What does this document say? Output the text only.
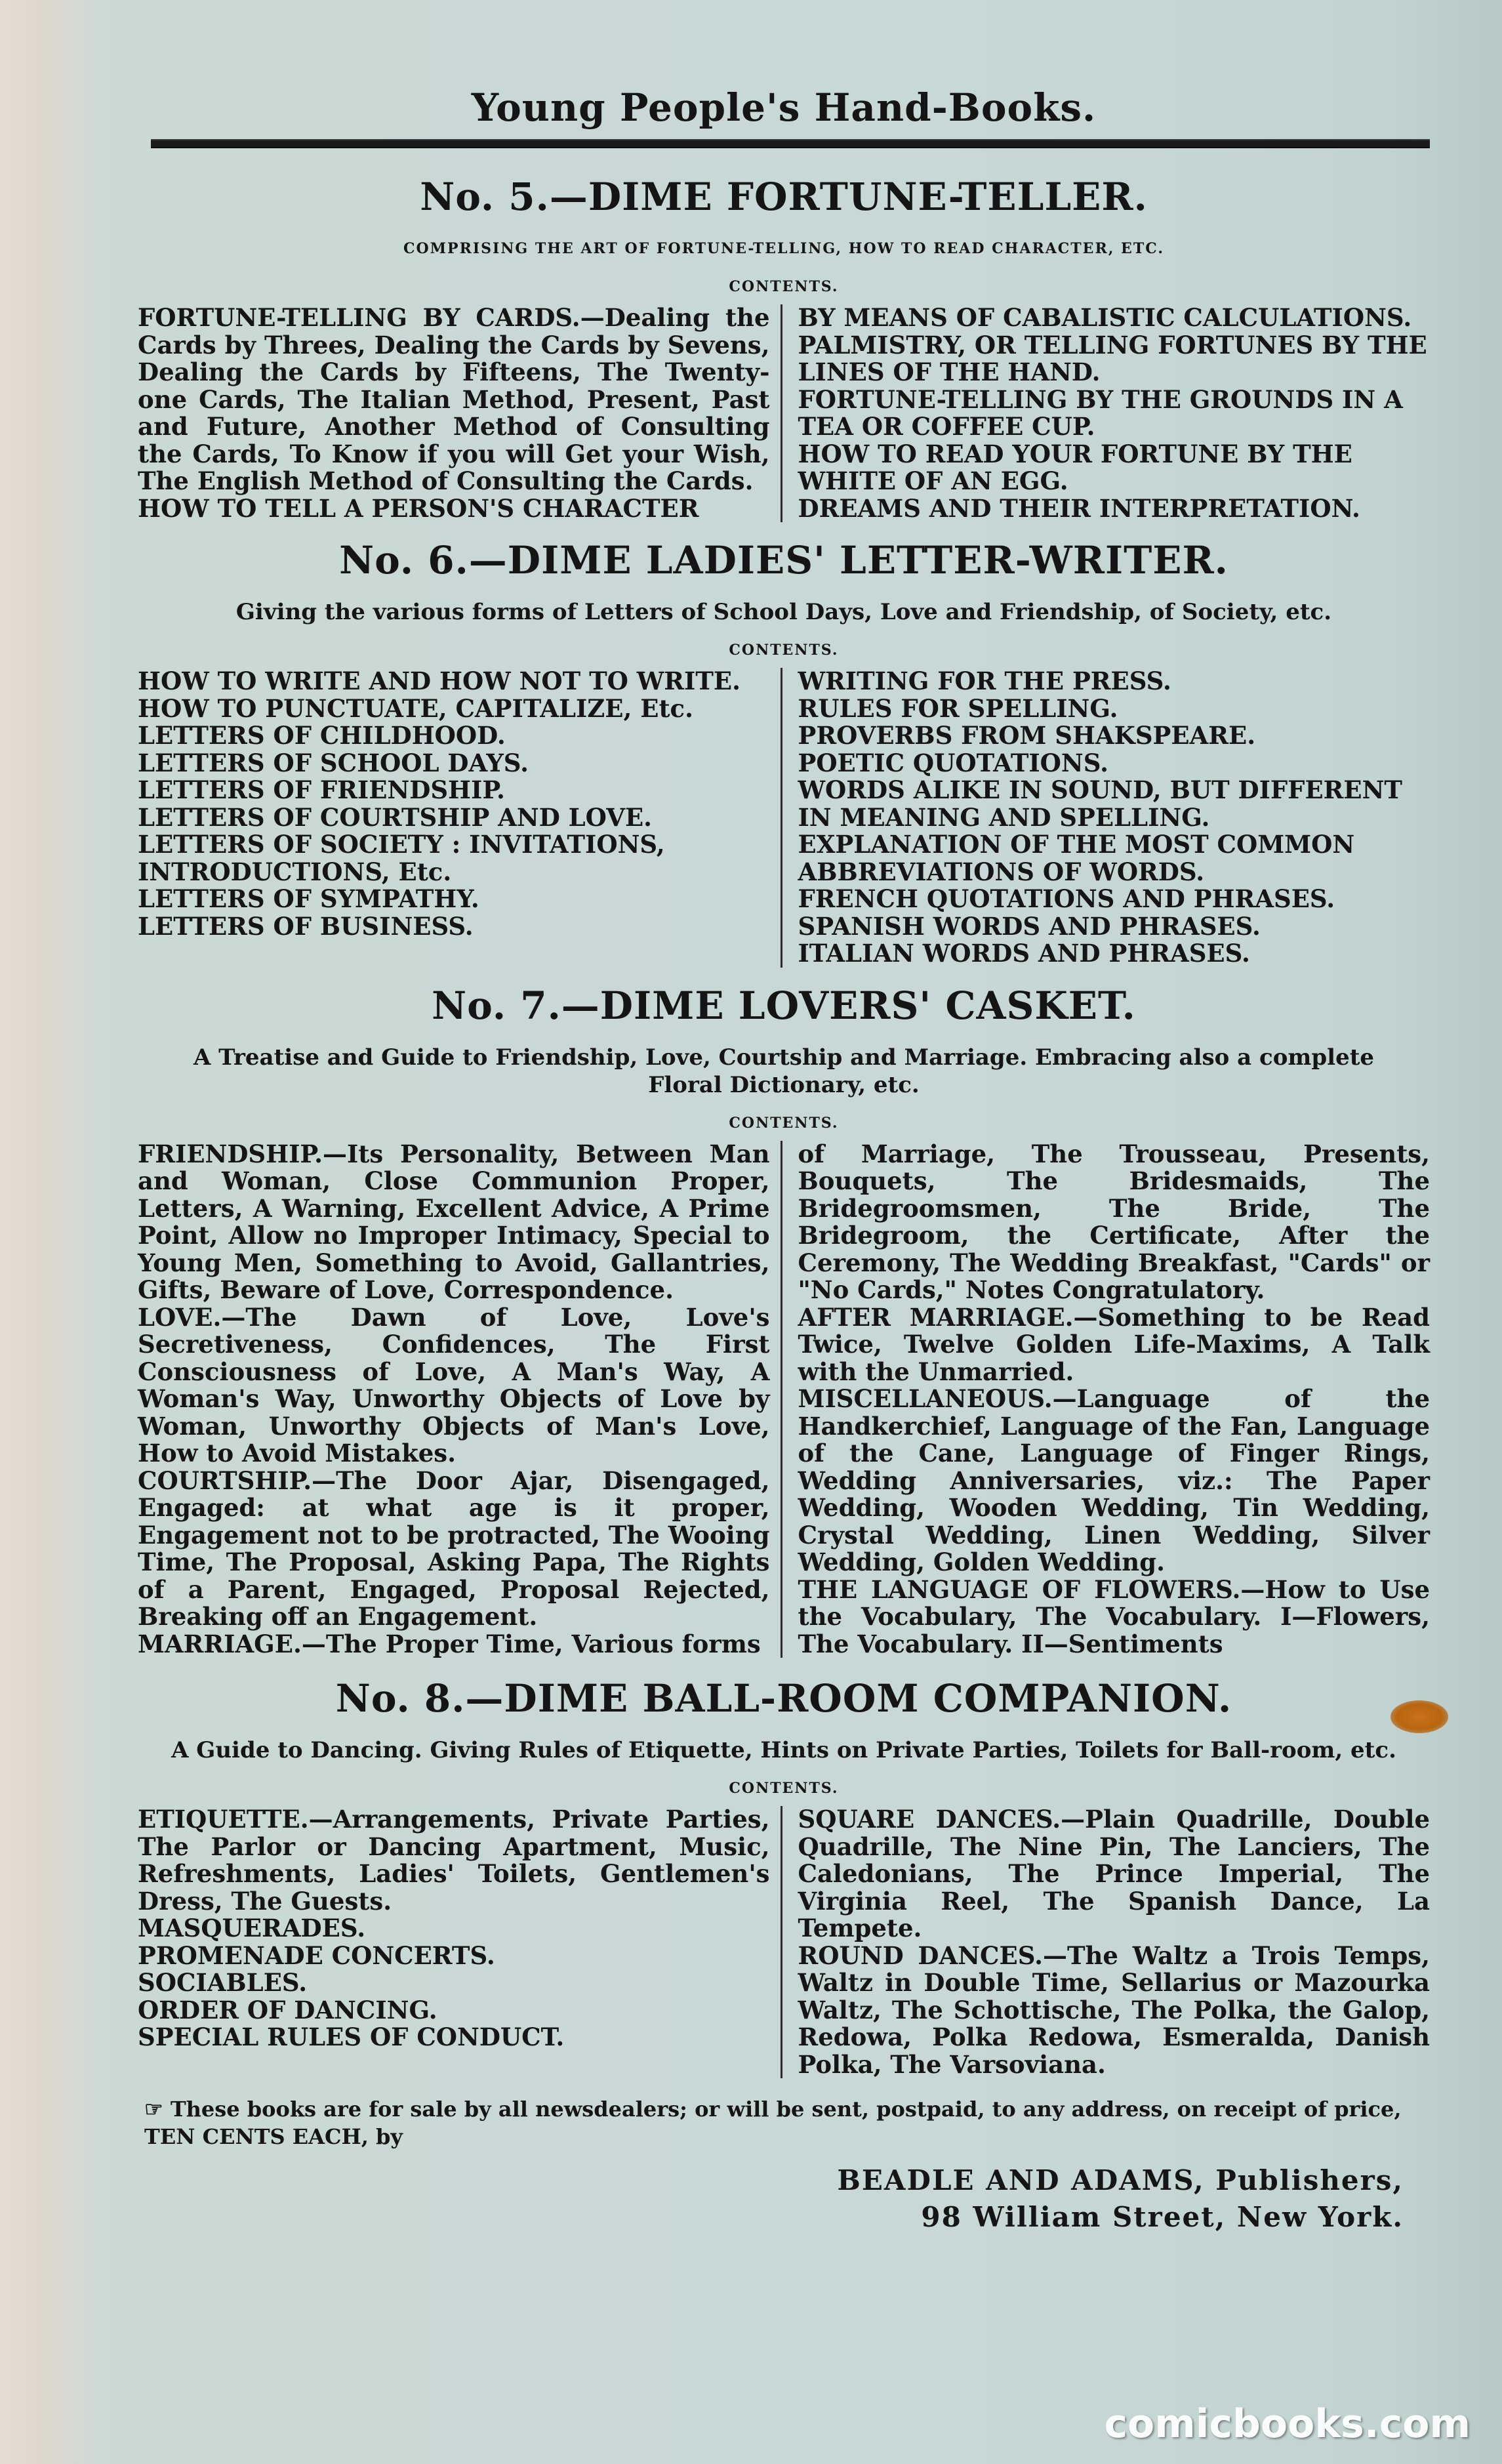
Young People's Hand-Books.
No. 5.—DIME FORTUNE-TELLER.
COMPRISING THE ART OF FORTUNE-TELLING, HOW TO READ CHARACTER, ETC.
CONTENTS.

FORTUNE-TELLING BY CARDS.—Dealing the Cards by Threes, Dealing the Cards by Sevens, Dealing the Cards by Fifteens, The Twenty-one Cards, The Italian Method, Present, Past and Future, Another Method of Consulting the Cards, To Know if you will Get your Wish, The English Method of Consulting the Cards.

HOW TO TELL A PERSON'S CHARACTER

BY MEANS OF CABALISTIC CALCULATIONS.

PALMISTRY, OR TELLING FORTUNES BY THE LINES OF THE HAND.

FORTUNE-TELLING BY THE GROUNDS IN A TEA OR COFFEE CUP.

HOW TO READ YOUR FORTUNE BY THE WHITE OF AN EGG.

DREAMS AND THEIR INTERPRETATION.

No. 6.—DIME LADIES' LETTER-WRITER.
Giving the various forms of Letters of School Days, Love and Friendship, of Society, etc.
CONTENTS.

HOW TO WRITE AND HOW NOT TO WRITE.

HOW TO PUNCTUATE, CAPITALIZE, Etc.

LETTERS OF CHILDHOOD.

LETTERS OF SCHOOL DAYS.

LETTERS OF FRIENDSHIP.

LETTERS OF COURTSHIP AND LOVE.

LETTERS OF SOCIETY : INVITATIONS, INTRODUCTIONS, Etc.

LETTERS OF SYMPATHY.

LETTERS OF BUSINESS.

WRITING FOR THE PRESS.

RULES FOR SPELLING.

PROVERBS FROM SHAKSPEARE.

POETIC QUOTATIONS.

WORDS ALIKE IN SOUND, BUT DIFFERENT IN MEANING AND SPELLING.

EXPLANATION OF THE MOST COMMON ABBREVIATIONS OF WORDS.

FRENCH QUOTATIONS AND PHRASES.

SPANISH WORDS AND PHRASES.

ITALIAN WORDS AND PHRASES.

No. 7.—DIME LOVERS' CASKET.
A Treatise and Guide to Friendship, Love, Courtship and Marriage. Embracing also a complete Floral Dictionary, etc.
CONTENTS.

FRIENDSHIP.—Its Personality, Between Man and Woman, Close Communion Proper, Letters, A Warning, Excellent Advice, A Prime Point, Allow no Improper Intimacy, Special to Young Men, Something to Avoid, Gallantries, Gifts, Beware of Love, Correspondence.

LOVE.—The Dawn of Love, Love's Secretiveness, Confidences, The First Consciousness of Love, A Man's Way, A Woman's Way, Unworthy Objects of Love by Woman, Unworthy Objects of Man's Love, How to Avoid Mistakes.

COURTSHIP.—The Door Ajar, Disengaged, Engaged: at what age is it proper, Engagement not to be protracted, The Wooing Time, The Proposal, Asking Papa, The Rights of a Parent, Engaged, Proposal Rejected, Breaking off an Engagement.

MARRIAGE.—The Proper Time, Various forms

of Marriage, The Trousseau, Presents, Bouquets, The Bridesmaids, The Bridegroomsmen, The Bride, The Bridegroom, the Certificate, After the Ceremony, The Wedding Breakfast, "Cards" or "No Cards," Notes Congratulatory.

AFTER MARRIAGE.—Something to be Read Twice, Twelve Golden Life-Maxims, A Talk with the Unmarried.

MISCELLANEOUS.—Language of the Handkerchief, Language of the Fan, Language of the Cane, Language of Finger Rings, Wedding Anniversaries, viz.: The Paper Wedding, Wooden Wedding, Tin Wedding, Crystal Wedding, Linen Wedding, Silver Wedding, Golden Wedding.

THE LANGUAGE OF FLOWERS.—How to Use the Vocabulary, The Vocabulary. I—Flowers, The Vocabulary. II—Sentiments

No. 8.—DIME BALL-ROOM COMPANION.
A Guide to Dancing. Giving Rules of Etiquette, Hints on Private Parties, Toilets for Ball-room, etc.
CONTENTS.

ETIQUETTE.—Arrangements, Private Parties, The Parlor or Dancing Apartment, Music, Refreshments, Ladies' Toilets, Gentlemen's Dress, The Guests.

MASQUERADES.

PROMENADE CONCERTS.

SOCIABLES.

ORDER OF DANCING.

SPECIAL RULES OF CONDUCT.

SQUARE DANCES.—Plain Quadrille, Double Quadrille, The Nine Pin, The Lanciers, The Caledonians, The Prince Imperial, The Virginia Reel, The Spanish Dance, La Tempete.

ROUND DANCES.—The Waltz a Trois Temps, Waltz in Double Time, Sellarius or Mazourka Waltz, The Schottische, The Polka, the Galop, Redowa, Polka Redowa, Esmeralda, Danish Polka, The Varsoviana.

☞ These books are for sale by all newsdealers; or will be sent, postpaid, to any address, on receipt of price, TEN CENTS EACH, by
BEADLE AND ADAMS, Publishers,
98 William Street, New York.
comicbooks.com
